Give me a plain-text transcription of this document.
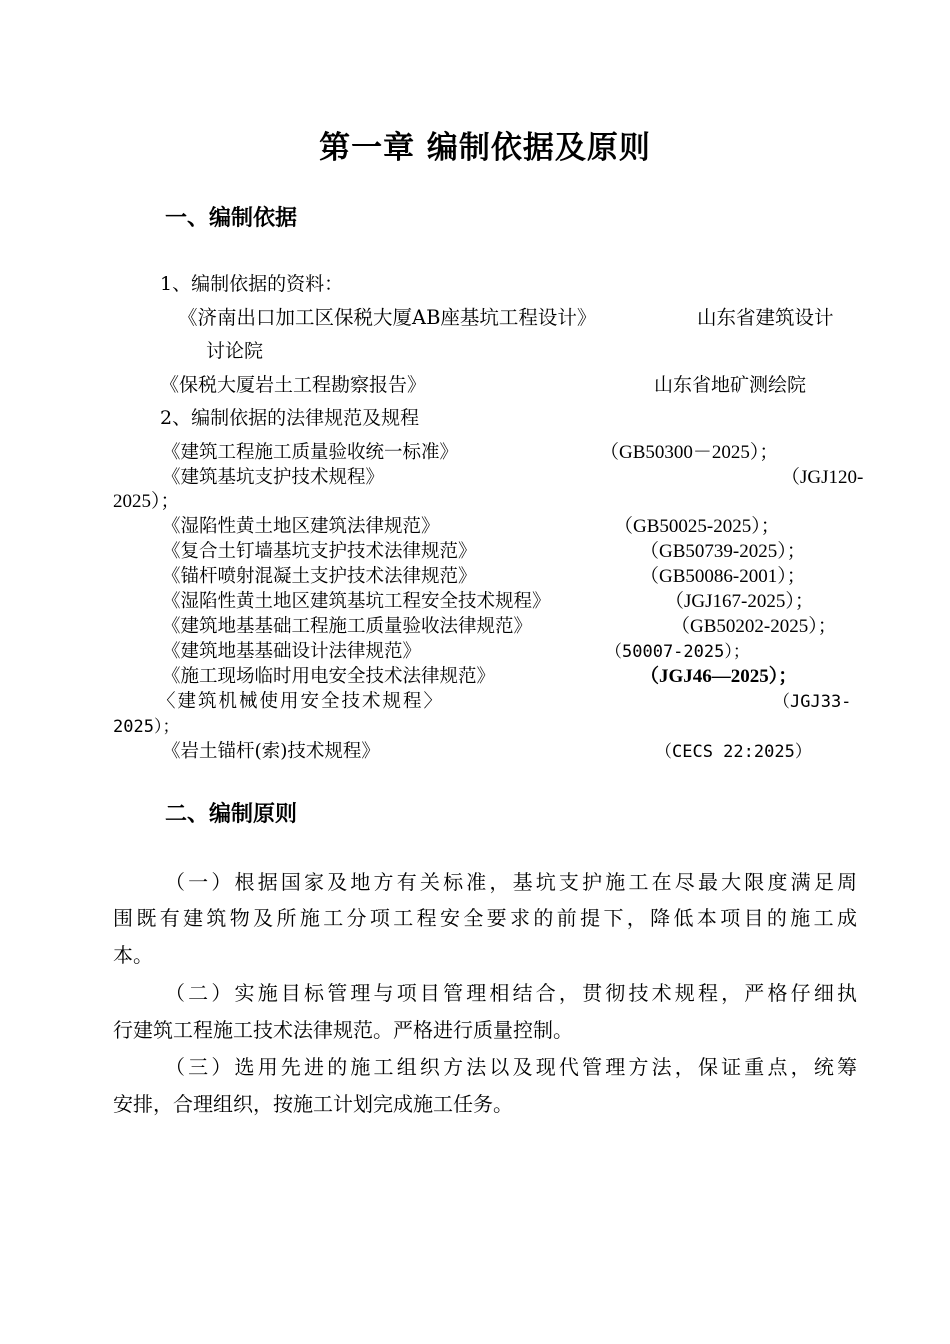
第一章 编制依据及原则
一、编制依据
1、编制依据的资料：
《济南出口加工区保税大厦AB座基坑工程设计》	山东省建筑设计
讨论院
《保税大厦岩土工程勘察报告》	山东省地矿测绘院
2、编制依据的法律规范及规程
《建筑工程施工质量验收统一标准》	（GB50300－2025）；
《建筑基坑支护技术规程》	（JGJ120-
2025）；
《湿陷性黄土地区建筑法律规范》	（GB50025-2025）；
《复合土钉墙基坑支护技术法律规范》	（GB50739-2025）；
《锚杆喷射混凝土支护技术法律规范》	（GB50086-2001）；
《湿陷性黄土地区建筑基坑工程安全技术规程》	（JGJ167-2025）；
《建筑地基基础工程施工质量验收法律规范》	（GB50202-2025）；
《建筑地基基础设计法律规范》	（50007-2025）；
《施工现场临时用电安全技术法律规范》	（JGJ46—2025）；
〈建筑机械使用安全技术规程〉	（JGJ33-
2025）；
《岩土锚杆(索)技术规程》	（CECS 22:2025）
二、编制原则
（一）根据国家及地方有关标准，基坑支护施工在尽最大限度满足周
围既有建筑物及所施工分项工程安全要求的前提下，降低本项目的施工成
本。
（二）实施目标管理与项目管理相结合，贯彻技术规程，严格仔细执
行建筑工程施工技术法律规范。严格进行质量控制。
（三）选用先进的施工组织方法以及现代管理方法，保证重点，统筹
安排，合理组织，按施工计划完成施工任务。
